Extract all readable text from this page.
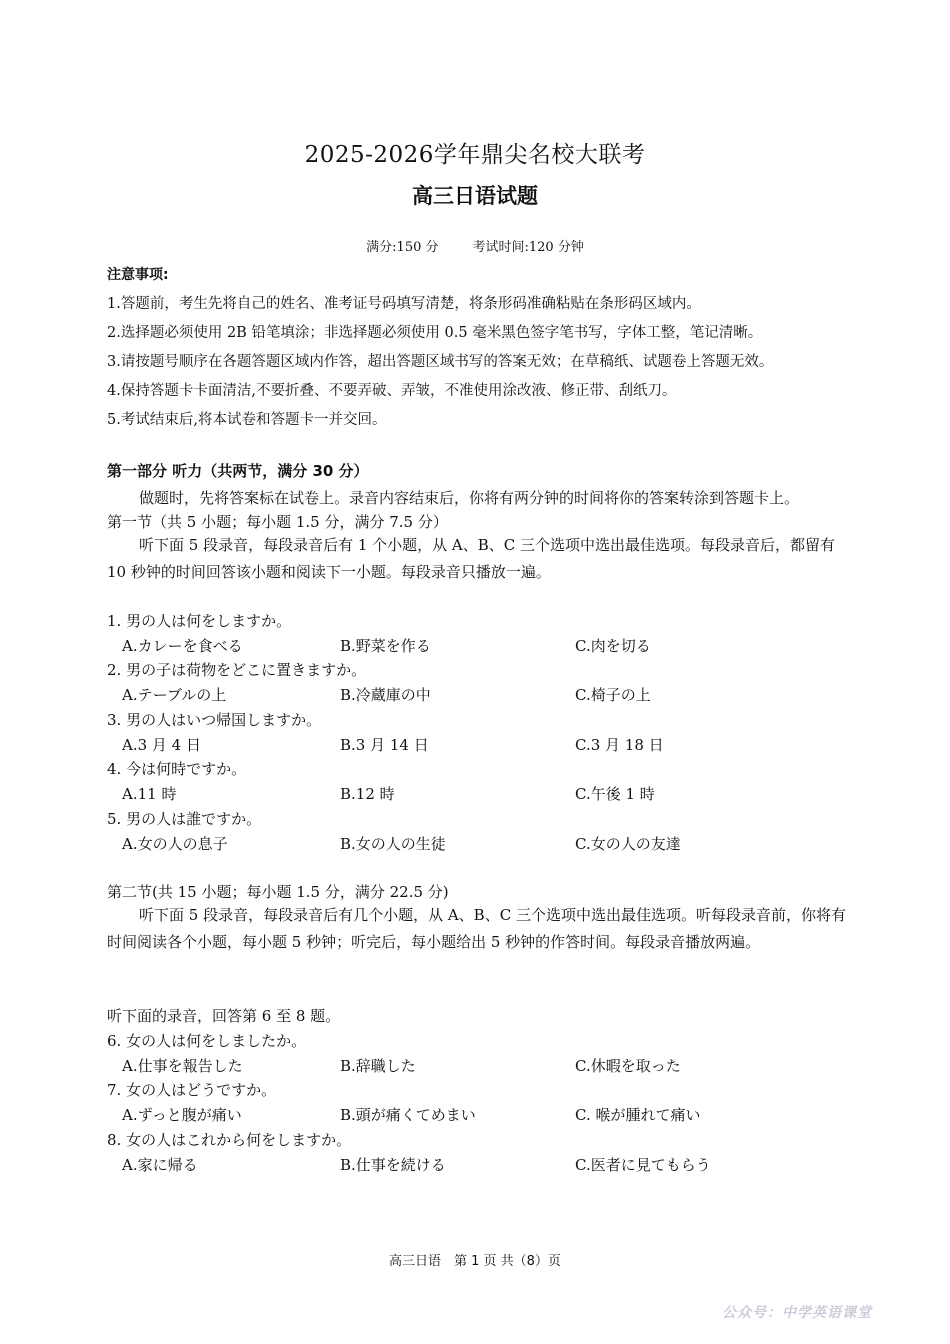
2025-2026学年鼎尖名校大联考
高三日语试题
满分:150 分	考试时间:120 分钟
注意事项:
1.答题前，考生先将自己的姓名、准考证号码填写清楚，将条形码准确粘贴在条形码区域内。
2.选择题必须使用 2B 铅笔填涂；非选择题必须使用 0.5 毫米黑色签字笔书写，字体工整，笔记清晰。
3.请按题号顺序在各题答题区域内作答，超出答题区域书写的答案无效；在草稿纸、试题卷上答题无效。
4.保持答题卡卡面清洁,不要折叠、不要弄破、弄皱，不准使用涂改液、修正带、刮纸刀。
5.考试结束后,将本试卷和答题卡一并交回。
第一部分 听力（共两节，满分 30 分）
做题时，先将答案标在试卷上。录音内容结束后，你将有两分钟的时间将你的答案转涂到答题卡上。
第一节（共 5 小题；每小题 1.5 分，满分 7.5 分）
听下面 5 段录音，每段录音后有 1 个小题，从 A、B、C 三个选项中选出最佳选项。每段录音后，都留有 10 秒钟的时间回答该小题和阅读下一小题。每段录音只播放一遍。
1. 男の人は何をしますか。
A.カレーを食べる	B.野菜を作る	C.肉を切る
2. 男の子は荷物をどこに置きますか。
A.テーブルの上	B.冷蔵庫の中	C.椅子の上
3. 男の人はいつ帰国しますか。
A.3 月 4 日	B.3 月 14 日	C.3 月 18 日
4. 今は何時ですか。
A.11 時	B.12 時	C.午後 1 時
5. 男の人は誰ですか。
A.女の人の息子	B.女の人の生徒	C.女の人の友達
第二节(共 15 小题；每小题 1.5 分，满分 22.5 分)
听下面 5 段录音，每段录音后有几个小题，从 A、B、C 三个选项中选出最佳选项。听每段录音前，你将有时间阅读各个小题，每小题 5 秒钟；听完后，每小题给出 5 秒钟的作答时间。每段录音播放两遍。
听下面的录音，回答第 6 至 8 题。
6. 女の人は何をしましたか。
A.仕事を報告した	B.辞職した	C.休暇を取った
7. 女の人はどうですか。
A.ずっと腹が痛い	B.頭が痛くてめまい	C. 喉が腫れて痛い
8. 女の人はこれから何をしますか。
A.家に帰る	B.仕事を続ける	C.医者に見てもらう
高三日语　第 1 页 共（8）页
公众号：中学英语课堂
